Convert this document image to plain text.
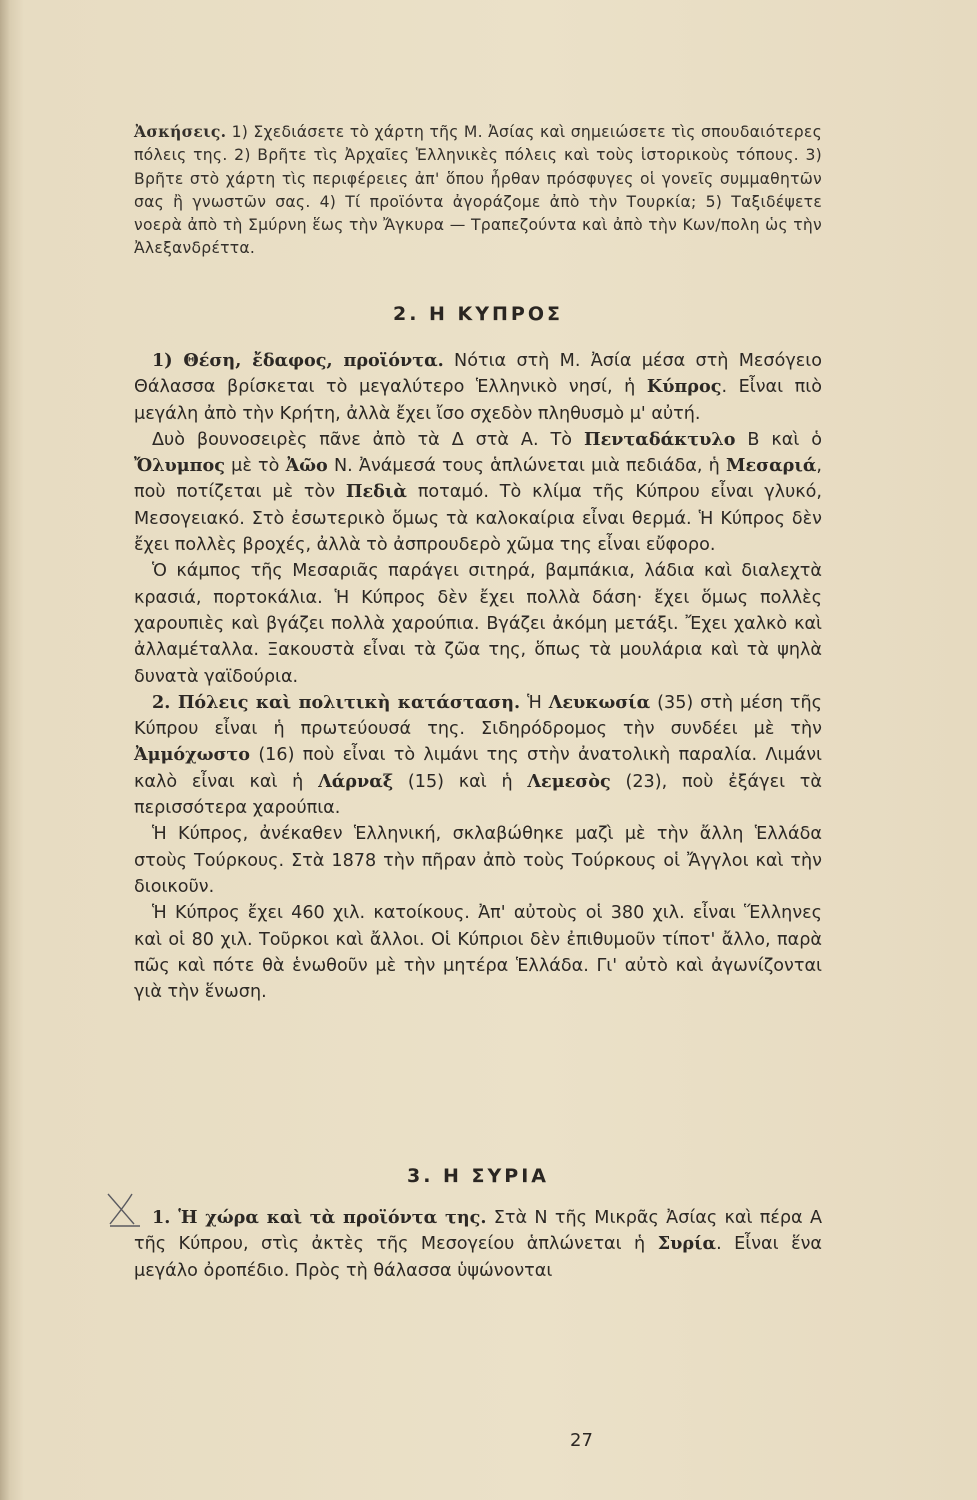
Ἀσκήσεις. 1) Σχεδιάσετε τὸ χάρτη τῆς Μ. Ἀσίας καὶ σημειώσετε τὶς σπουδαιότερες πόλεις της. 2) Βρῆτε τὶς Ἀρχαῖες Ἑλληνικὲς πόλεις καὶ τοὺς ἱστορικοὺς τόπους. 3) Βρῆτε στὸ χάρτη τὶς περιφέρειες ἀπ' ὅπου ἦρθαν πρόσφυγες οἱ γονεῖς συμμαθητῶν σας ἢ γνωστῶν σας. 4) Τί προϊόντα ἀγοράζομε ἀπὸ τὴν Τουρκία; 5) Ταξιδέψετε νοερὰ ἀπὸ τὴ Σμύρνη ἕως τὴν Ἄγκυρα — Τραπεζούντα καὶ ἀπὸ τὴν Κων/πολη ὡς τὴν Ἀλεξανδρέττα.

2. Η ΚΥΠΡΟΣ

1) Θέση, ἔδαφος, προϊόντα. Νότια στὴ Μ. Ἀσία μέσα στὴ Μεσόγειο Θάλασσα βρίσκεται τὸ μεγαλύτερο Ἑλληνικὸ νησί, ἡ Κύπρος. Εἶναι πιὸ μεγάλη ἀπὸ τὴν Κρήτη, ἀλλὰ ἔχει ἴσο σχεδὸν πληθυσμὸ μ' αὐτή.

Δυὸ βουνοσειρὲς πᾶνε ἀπὸ τὰ Δ στὰ Α. Τὸ Πενταδάκτυλο Β καὶ ὁ Ὄλυμπος μὲ τὸ Ἀῶο Ν. Ἀνάμεσά τους ἁπλώνεται μιὰ πεδιάδα, ἡ Μεσαριά, ποὺ ποτίζεται μὲ τὸν Πεδιὰ ποταμό. Τὸ κλίμα τῆς Κύπρου εἶναι γλυκό, Μεσογειακό. Στὸ ἐσωτερικὸ ὅμως τὰ καλοκαίρια εἶναι θερμά. Ἡ Κύπρος δὲν ἔχει πολλὲς βροχές, ἀλλὰ τὸ ἀσπρουδερὸ χῶμα της εἶναι εὔφορο.

Ὁ κάμπος τῆς Μεσαριᾶς παράγει σιτηρά, βαμπάκια, λάδια καὶ διαλεχτὰ κρασιά, πορτοκάλια. Ἡ Κύπρος δὲν ἔχει πολλὰ δάση· ἔχει ὅμως πολλὲς χαρουπιὲς καὶ βγάζει πολλὰ χαρούπια. Βγάζει ἀκόμη μετάξι. Ἔχει χαλκὸ καὶ ἀλλαμέταλλα. Ξακουστὰ εἶναι τὰ ζῶα της, ὅπως τὰ μουλάρια καὶ τὰ ψηλὰ δυνατὰ γαϊδούρια.

2. Πόλεις καὶ πολιτικὴ κατάσταση. Ἡ Λευκωσία (35) στὴ μέση τῆς Κύπρου εἶναι ἡ πρωτεύουσά της. Σιδηρόδρομος τὴν συνδέει μὲ τὴν Ἀμμόχωστο (16) ποὺ εἶναι τὸ λιμάνι της στὴν ἀνατολικὴ παραλία. Λιμάνι καλὸ εἶναι καὶ ἡ Λάρναξ (15) καὶ ἡ Λεμεσὸς (23), ποὺ ἐξάγει τὰ περισσότερα χαρούπια.

Ἡ Κύπρος, ἀνέκαθεν Ἑλληνική, σκλαβώθηκε μαζὶ μὲ τὴν ἄλλη Ἑλλάδα στοὺς Τούρκους. Στὰ 1878 τὴν πῆραν ἀπὸ τοὺς Τούρκους οἱ Ἄγγλοι καὶ τὴν διοικοῦν.

Ἡ Κύπρος ἔχει 460 χιλ. κατοίκους. Ἀπ' αὐτοὺς οἱ 380 χιλ. εἶναι Ἕλληνες καὶ οἱ 80 χιλ. Τοῦρκοι καὶ ἄλλοι. Οἱ Κύπριοι δὲν ἐπιθυμοῦν τίποτ' ἄλλο, παρὰ πῶς καὶ πότε θὰ ἑνωθοῦν μὲ τὴν μητέρα Ἑλλάδα. Γι' αὐτὸ καὶ ἀγωνίζονται γιὰ τὴν ἕνωση.

3. Η ΣΥΡΙΑ

1. Ἡ χώρα καὶ τὰ προϊόντα της. Στὰ Ν τῆς Μικρᾶς Ἀσίας καὶ πέρα Α τῆς Κύπρου, στὶς ἀκτὲς τῆς Μεσογείου ἁπλώνεται ἡ Συρία. Εἶναι ἕνα μεγάλο ὀροπέδιο. Πρὸς τὴ θάλασσα ὑψώνονται

27
